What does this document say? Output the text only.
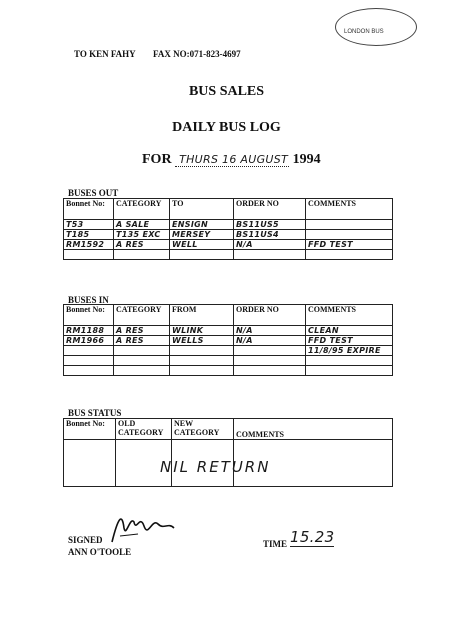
LONDON BUS
TO KEN FAHY FAX NO:071-823-4697
BUS SALES
DAILY BUS LOG
FOR THURS 16 AUGUST 1994
BUSES OUT
Bonnet No:	CATEGORY	TO	ORDER NO	COMMENTS
T53	A SALE	ENSIGN	BS11US5	
T185	T135 EXC	MERSEY	BS11US4	
RM1592	A RES	WELL	N/A	FFD TEST

BUSES IN
Bonnet No:	CATEGORY	FROM	ORDER NO	COMMENTS
RM1188	A RES	WLINK	N/A	CLEAN
RM1966	A RES	WELLS	N/A	FFD TEST
				11/8/95 EXPIRE

BUS STATUS
Bonnet No:	OLD CATEGORY	NEW CATEGORY	COMMENTS

NIL RETURN
SIGNED
ANN O'TOOLE
TIME 15.23
